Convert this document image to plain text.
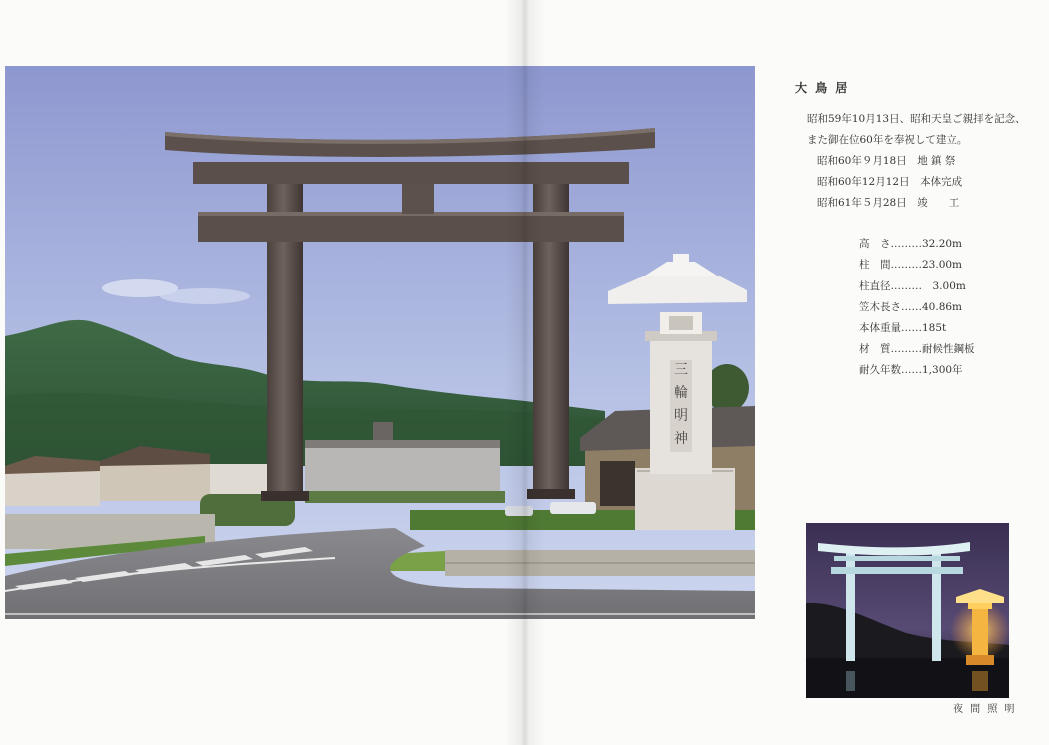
三
輪
明
神
大 鳥 居

昭和59年10月13日、昭和天皇ご親拝を記念、

また御在位60年を奉祝して建立。

昭和60年９月18日　地 鎮 祭

昭和60年12月12日　本体完成

昭和61年５月28日　竣　　工

高　さ………32.20m

柱　間………23.00m

柱直径………　3.00m

笠木長さ……40.86m

本体重量……185t

材　質………耐候性鋼板

耐久年数……1,300年

夜 間 照 明
